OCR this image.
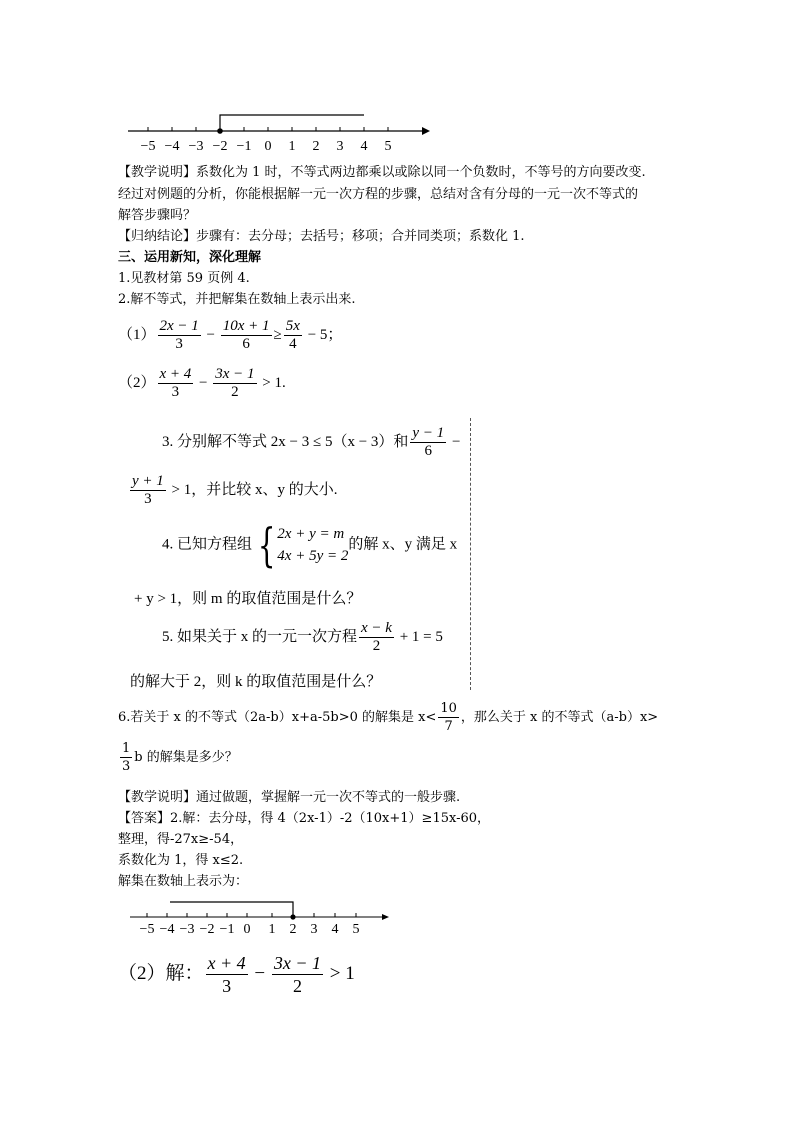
−5 −4 −3 −2 −1 0 1 2 3 4 5
【教学说明】系数化为 1 时，不等式两边都乘以或除以同一个负数时，不等号的方向要改变.
经过对例题的分析，你能根据解一元一次方程的步骤，总结对含有分母的一元一次不等式的
解答步骤吗？
【归纳结论】步骤有：去分母；去括号；移项；合并同类项；系数化 1.
三、运用新知，深化理解
1.见教材第 59 页例 4.
2.解不等式，并把解集在数轴上表示出来.
$(1) \frac{2x - 1}{3} - \frac{10x + 1}{6} \ge \frac{5x}{4} - 5$；
$(2) \frac{x + 4}{3} - \frac{3x - 1}{2} > 1$.
3. 分别解不等式 2x − 3 ≤ 5（x − 3）和 $\frac{y - 1}{6}$ −
$\frac{y + 1}{3} > 1$，并比较 x、y 的大小.
4. 已知方程组 { 2x + y = m
4x + 5y = 2
的解 x、y 满足 x
+ y > 1，则 m 的取值范围是什么？
5. 如果关于 x 的一元一次方程 $\frac{x - k}{2} + 1 = 5$
的解大于 2，则 k 的取值范围是什么？
6.若关于 x 的不等式（2a-b）x+a-5b>0 的解集是 $x< \frac{10}{7}$ ，那么关于 x 的不等式（a-b）x>
$\frac{1}{3}$ b 的解集是多少？
【教学说明】通过做题，掌握解一元一次不等式的一般步骤.
【答案】2.解：去分母，得 4（2x-1）-2（10x+1）≥15x-60，
整理，得-27x≥-54，
系数化为 1，得 x≤2.
解集在数轴上表示为：
−5 −4 −3 −2 −1 0 1 2 3 4 5
（2）解： $\frac{x + 4}{3} - \frac{3x - 1}{2} > 1$
